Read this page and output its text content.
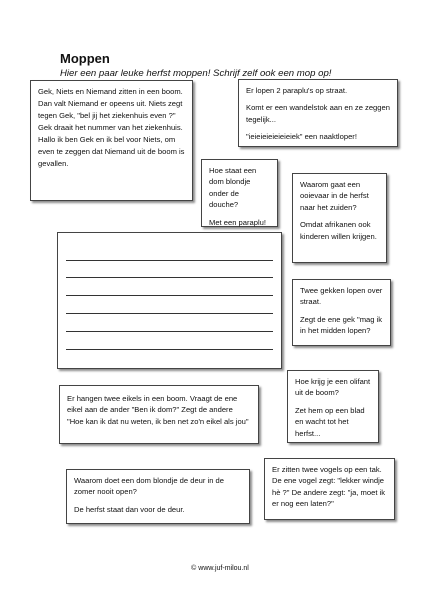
Moppen
Hier een paar leuke herfst moppen! Schrijf zelf ook een mop op!

Gek, Niets en Niemand zitten in een boom. Dan valt Niemand er opeens uit. Niets zegt tegen Gek, "bel jij het ziekenhuis even ?" Gek draait het nummer van het ziekenhuis. Hallo ik ben Gek en ik bel voor Niets, om even te zeggen dat Niemand uit de boom is gevallen.

Er lopen 2 paraplu's op straat.

Komt er een wandelstok aan en ze zeggen tegelijk...

"ieieieieieieieiek" een naaktloper!

Hoe staat een dom blondje onder de douche?

Met een paraplu!

Waarom gaat een ooievaar in de herfst naar het zuiden?

Omdat afrikanen ook kinderen willen krijgen.

Twee gekken lopen over straat.

Zegt de ene gek "mag ik in het midden lopen?

Er hangen twee eikels in een boom. Vraagt de ene eikel aan de ander "Ben ik dom?" Zegt de andere "Hoe kan ik dat nu weten, ik ben net zo'n eikel als jou"

Hoe krijg je een olifant uit de boom?

Zet hem op een blad en wacht tot het herfst...

Waarom doet een dom blondje de deur in de zomer nooit open?

De herfst staat dan voor de deur.

Er zitten twee vogels op een tak. De ene vogel zegt: "lekker windje hè ?" De andere zegt: "ja, moet ik er nog een laten?"

© www.juf-milou.nl
